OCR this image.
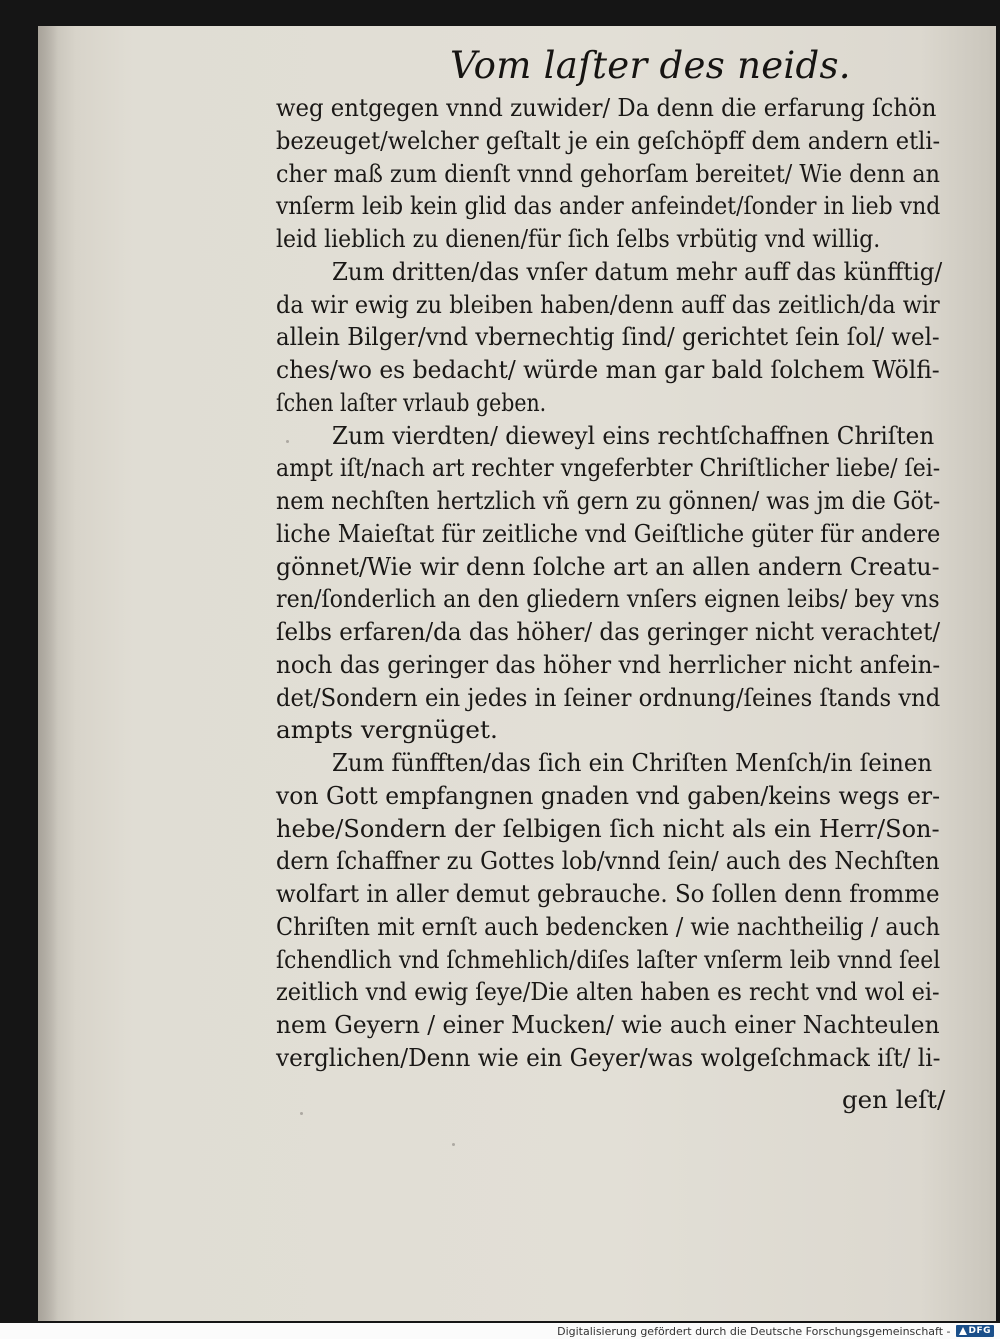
Vom laſter des neids.
weg entgegen vnnd zuwider/ Da denn die erfarung ſchön
bezeuget/welcher geſtalt je ein geſchöpff dem andern etli-
cher maß zum dienſt vnnd gehorſam bereitet/ Wie denn an
vnſerm leib kein glid das ander anfeindet/ſonder in lieb vnd
leid lieblich zu dienen/für ſich ſelbs vrbütig vnd willig.
Zum dritten/das vnſer datum mehr auff das künfftig/
da wir ewig zu bleiben haben/denn auff das zeitlich/da wir
allein Bilger/vnd vbernechtig ſind/ gerichtet ſein ſol/ wel-
ches/wo es bedacht/ würde man gar bald ſolchem Wölfi-
ſchen laſter vrlaub geben.
Zum vierdten/ dieweyl eins rechtſchaffnen Chriſten
ampt iſt/nach art rechter vngeferbter Chriſtlicher liebe/ ſei-
nem nechſten hertzlich vñ gern zu gönnen/ was jm die Göt-
liche Maieſtat für zeitliche vnd Geiſtliche güter für andere
gönnet/Wie wir denn ſolche art an allen andern Creatu-
ren/ſonderlich an den gliedern vnſers eignen leibs/ bey vns
ſelbs erfaren/da das höher/ das geringer nicht verachtet/
noch das geringer das höher vnd herrlicher nicht anfein-
det/Sondern ein jedes in ſeiner ordnung/ſeines ſtands vnd
ampts vergnüget.
Zum fünfften/das ſich ein Chriſten Menſch/in ſeinen
von Gott empfangnen gnaden vnd gaben/keins wegs er-
hebe/Sondern der ſelbigen ſich nicht als ein Herr/Son-
dern ſchaffner zu Gottes lob/vnnd ſein/ auch des Nechſten
wolfart in aller demut gebrauche. So ſollen denn fromme
Chriſten mit ernſt auch bedencken / wie nachtheilig / auch
ſchendlich vnd ſchmehlich/diſes laſter vnſerm leib vnnd ſeel
zeitlich vnd ewig ſeye/Die alten haben es recht vnd wol ei-
nem Geyern / einer Mucken/ wie auch einer Nachteulen
verglichen/Denn wie ein Geyer/was wolgeſchmack iſt/ li-
gen leſt/
Digitalisierung gefördert durch die Deutsche Forschungsgemeinschaft - DFG
